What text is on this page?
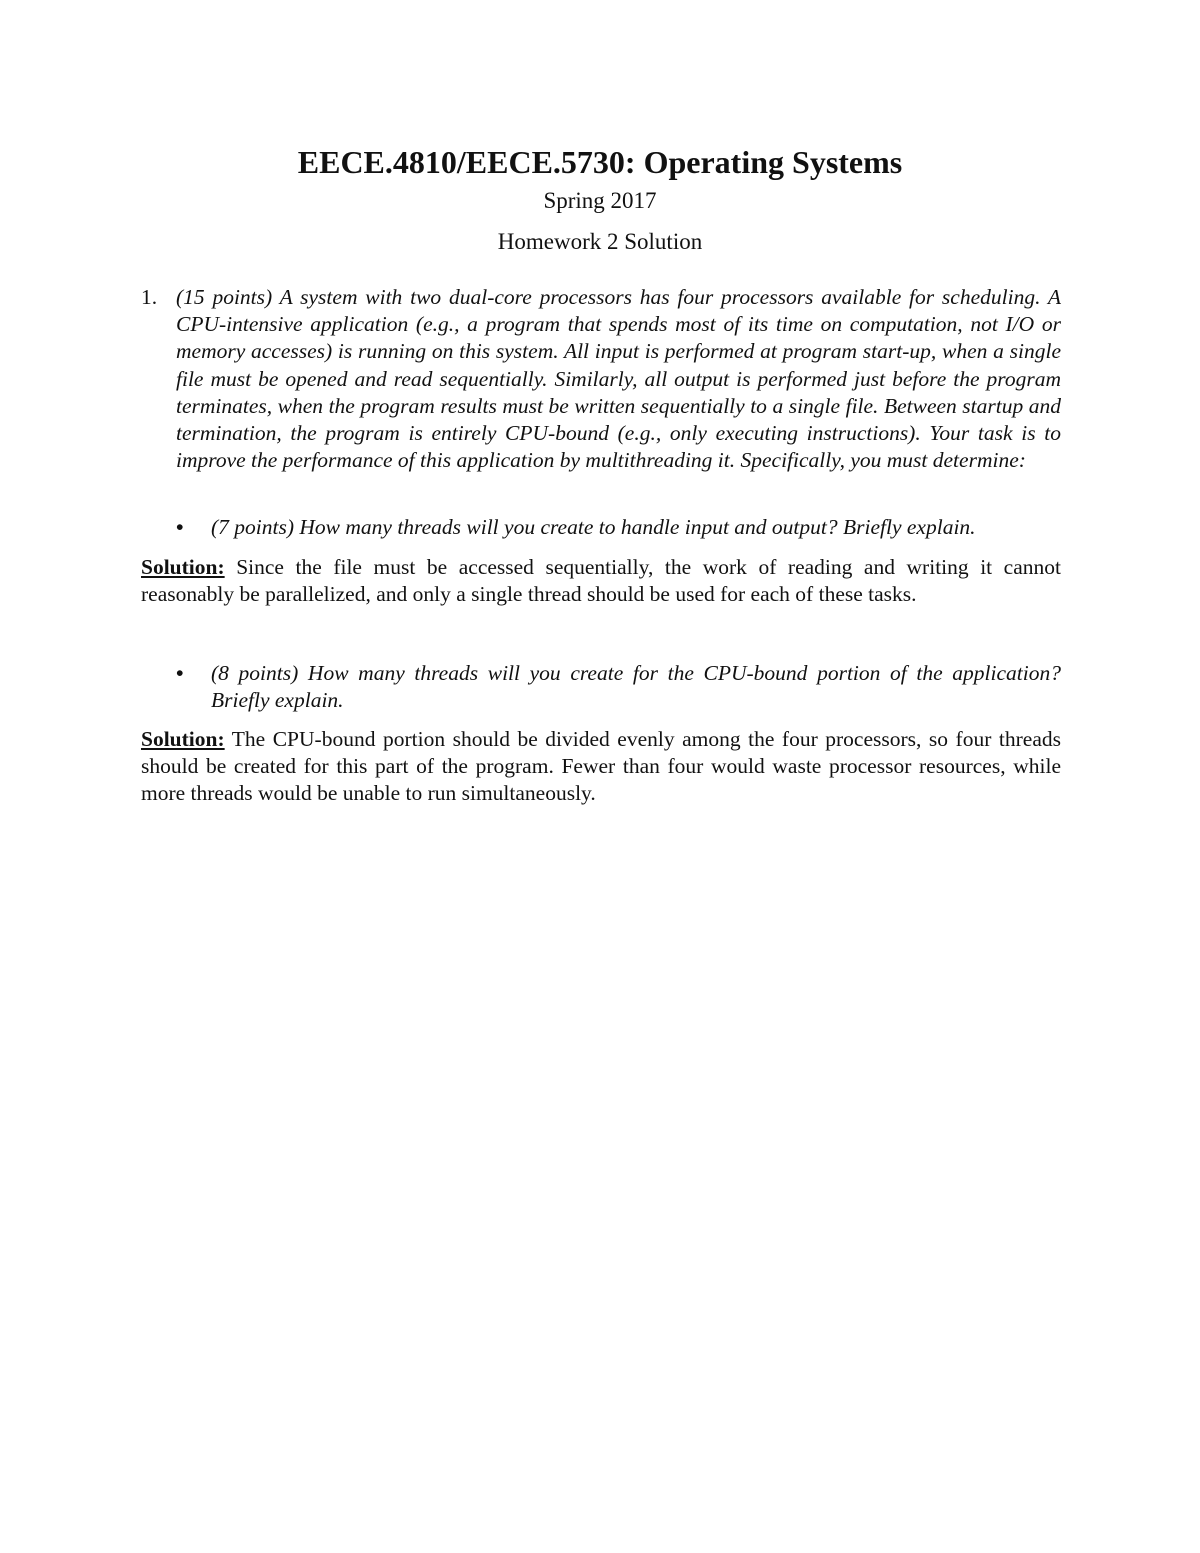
EECE.4810/EECE.5730: Operating Systems
Spring 2017
Homework 2 Solution
1. (15 points) A system with two dual-core processors has four processors available for scheduling. A CPU-intensive application (e.g., a program that spends most of its time on computation, not I/O or memory accesses) is running on this system. All input is performed at program start-up, when a single file must be opened and read sequentially. Similarly, all output is performed just before the program terminates, when the program results must be written sequentially to a single file. Between startup and termination, the program is entirely CPU-bound (e.g., only executing instructions). Your task is to improve the performance of this application by multithreading it. Specifically, you must determine:
• (7 points) How many threads will you create to handle input and output? Briefly explain.
Solution: Since the file must be accessed sequentially, the work of reading and writing it cannot reasonably be parallelized, and only a single thread should be used for each of these tasks.
• (8 points) How many threads will you create for the CPU-bound portion of the application? Briefly explain.
Solution: The CPU-bound portion should be divided evenly among the four processors, so four threads should be created for this part of the program. Fewer than four would waste processor resources, while more threads would be unable to run simultaneously.
